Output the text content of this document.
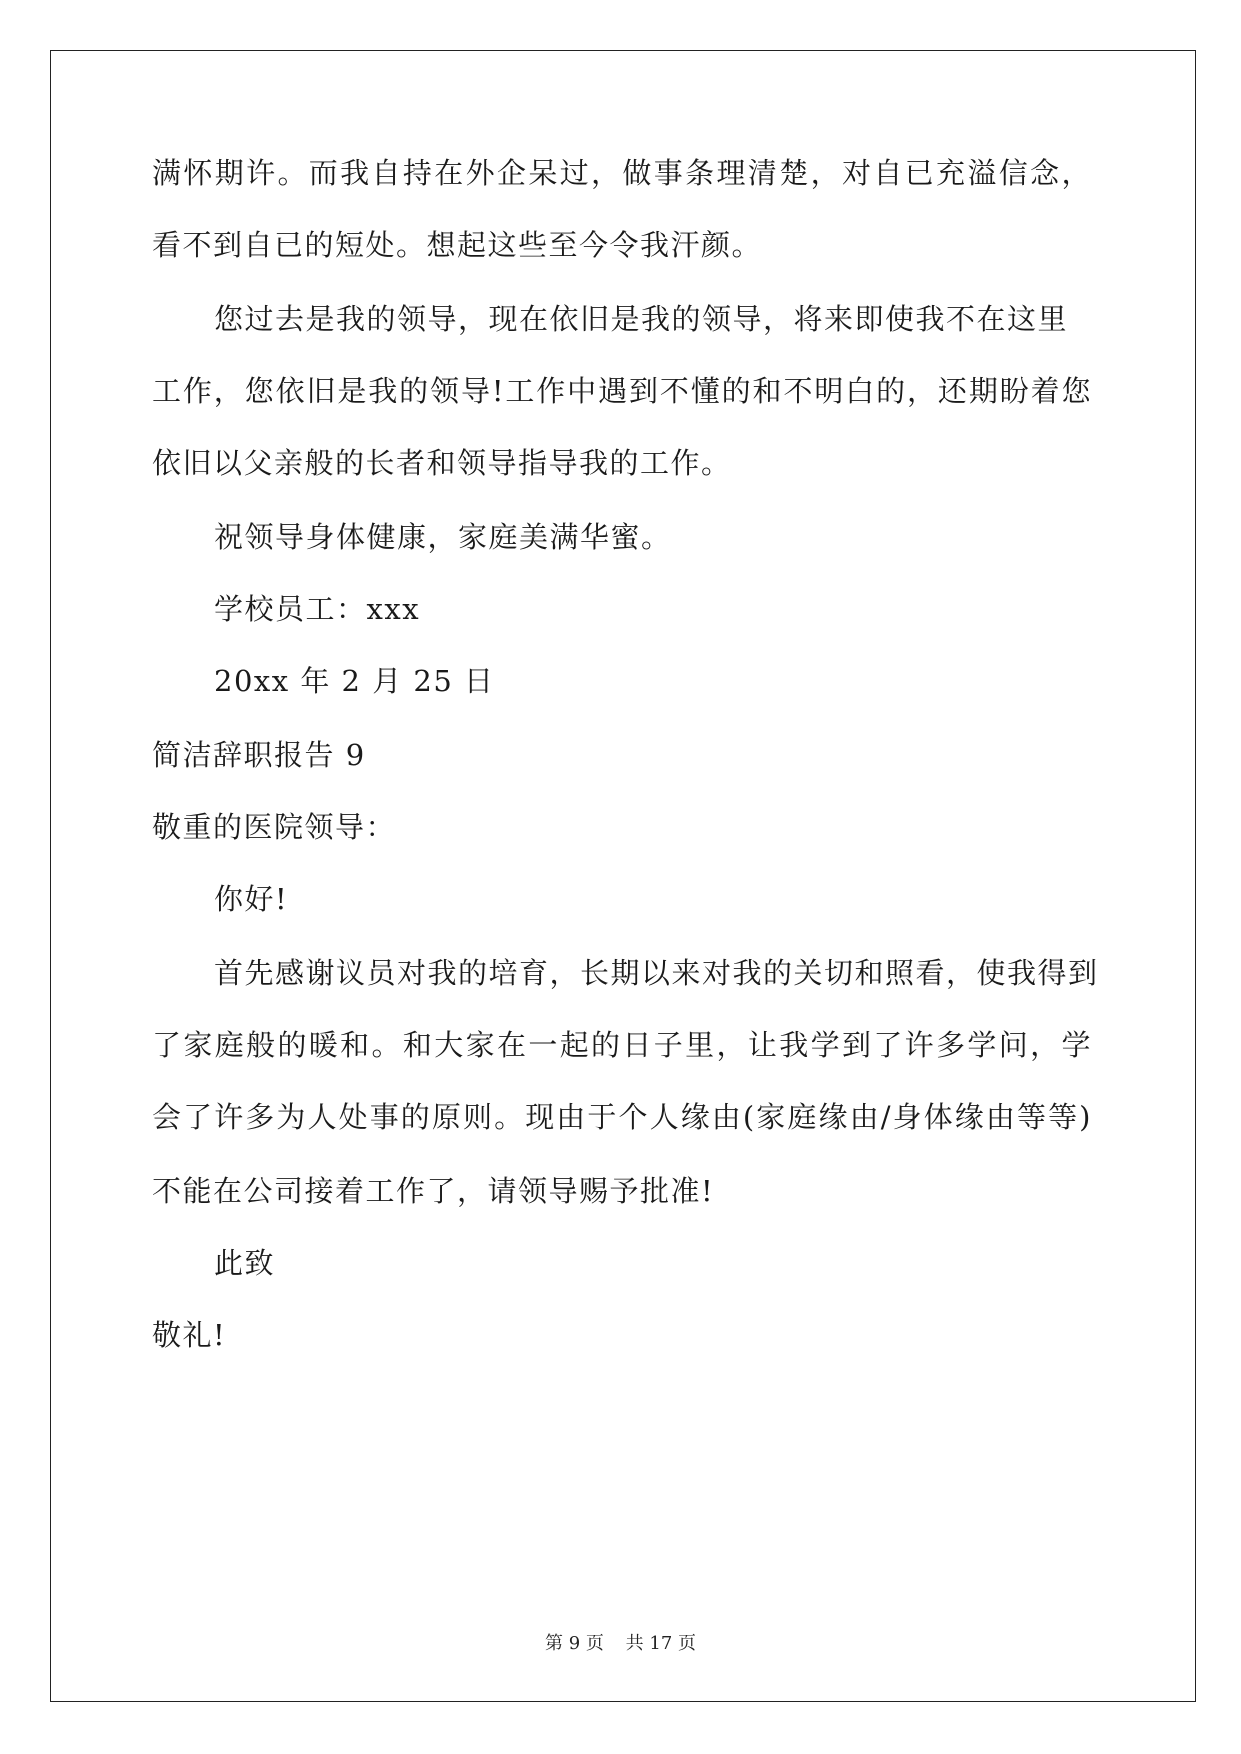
满怀期许。而我自持在外企呆过，做事条理清楚，对自已充溢信念，
看不到自已的短处。想起这些至今令我汗颜。
您过去是我的领导，现在依旧是我的领导，将来即使我不在这里
工作，您依旧是我的领导!工作中遇到不懂的和不明白的，还期盼着您
依旧以父亲般的长者和领导指导我的工作。
祝领导身体健康，家庭美满华蜜。
学校员工：xxx
20xx 年 2 月 25 日
简洁辞职报告 9
敬重的医院领导：
你好!
首先感谢议员对我的培育，长期以来对我的关切和照看，使我得到
了家庭般的暖和。和大家在一起的日子里，让我学到了许多学问，学
会了许多为人处事的原则。现由于个人缘由(家庭缘由/身体缘由等等)
不能在公司接着工作了，请领导赐予批准!
此致
敬礼!
第 9 页 共 17 页
